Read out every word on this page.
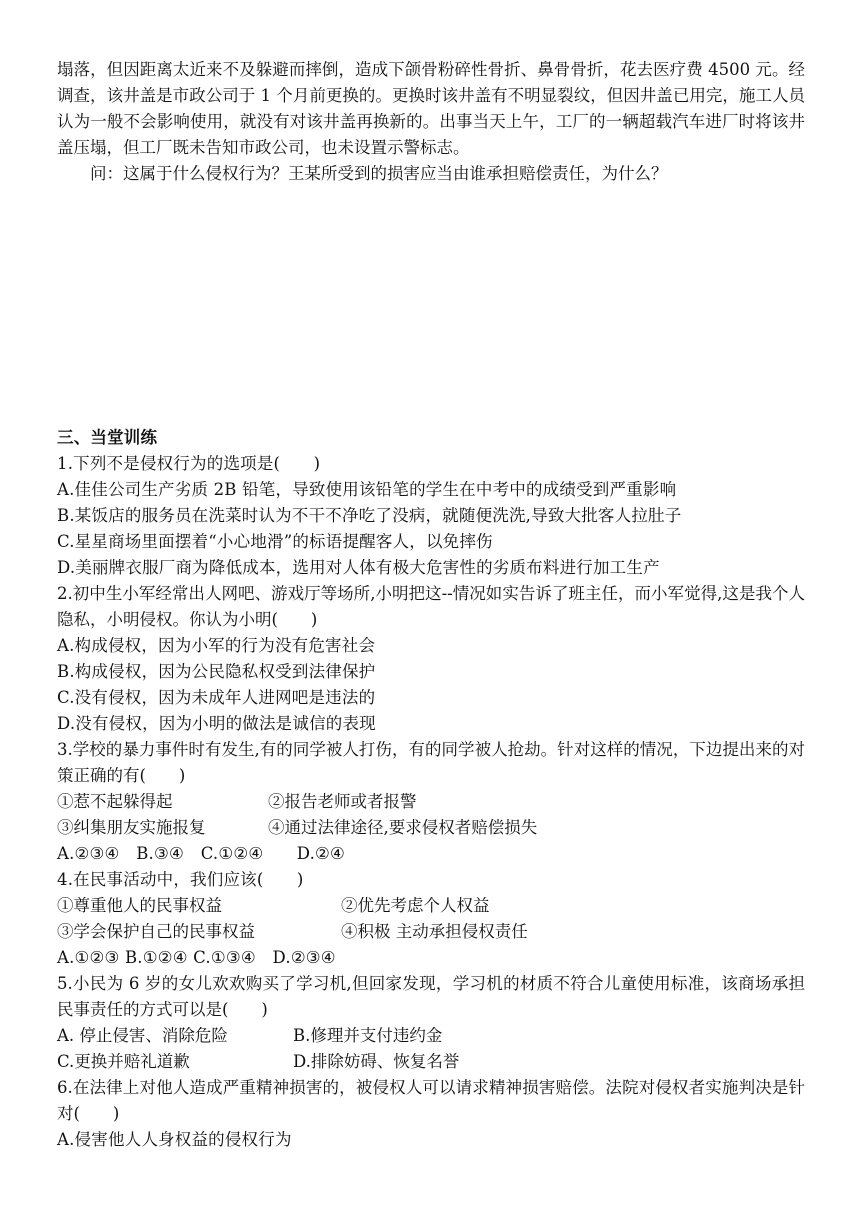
塌落，但因距离太近来不及躲避而摔倒，造成下颌骨粉碎性骨折、鼻骨骨折，花去医疗费 4500 元。经调查，该井盖是市政公司于 1 个月前更换的。更换时该井盖有不明显裂纹，但因井盖已用完，施工人员认为一般不会影响使用，就没有对该井盖再换新的。出事当天上午，工厂的一辆超载汽车进厂时将该井盖压塌，但工厂既未告知市政公司，也未设置示警标志。
问：这属于什么侵权行为？王某所受到的损害应当由谁承担赔偿责任，为什么？
三、当堂训练
1.下列不是侵权行为的选项是(　　)
A.佳佳公司生产劣质 2B 铅笔，导致使用该铅笔的学生在中考中的成绩受到严重影响
B.某饭店的服务员在洗菜时认为不干不净吃了没病，就随便洗洗,导致大批客人拉肚子
C.星星商场里面摆着“小心地滑”的标语提醒客人，以免摔伤
D.美丽牌衣服厂商为降低成本，选用对人体有极大危害性的劣质布料进行加工生产
2.初中生小军经常出人网吧、游戏厅等场所,小明把这--情况如实告诉了班主任，而小军觉得,这是我个人隐私，小明侵权。你认为小明(　　)
A.构成侵权，因为小军的行为没有危害社会
B.构成侵权，因为公民隐私权受到法律保护
C.没有侵权，因为未成年人进网吧是违法的
D.没有侵权，因为小明的做法是诚信的表现
3.学校的暴力事件时有发生,有的同学被人打伤，有的同学被人抢劫。针对这样的情况，下边提出来的对策正确的有(　　)
①惹不起躲得起	②报告老师或者报警
③纠集朋友实施报复	④通过法律途径,要求侵权者赔偿损失
A.②③④　B.③④　C.①②④　　D.②④
4.在民事活动中，我们应该(　　)
①尊重他人的民事权益	②优先考虑个人权益
③学会保护自己的民事权益	④积极 主动承担侵权责任
A.①②③ B.①②④ C.①③④　D.②③④
5.小民为 6 岁的女儿欢欢购买了学习机,但回家发现，学习机的材质不符合儿童使用标准，该商场承担民事责任的方式可以是(　　)
A. 停止侵害、消除危险	B.修理并支付违约金
C.更换并赔礼道歉	D.排除妨碍、恢复名誉
6.在法律上对他人造成严重精神损害的，被侵权人可以请求精神损害赔偿。法院对侵权者实施判决是针对(　　)
A.侵害他人人身权益的侵权行为
